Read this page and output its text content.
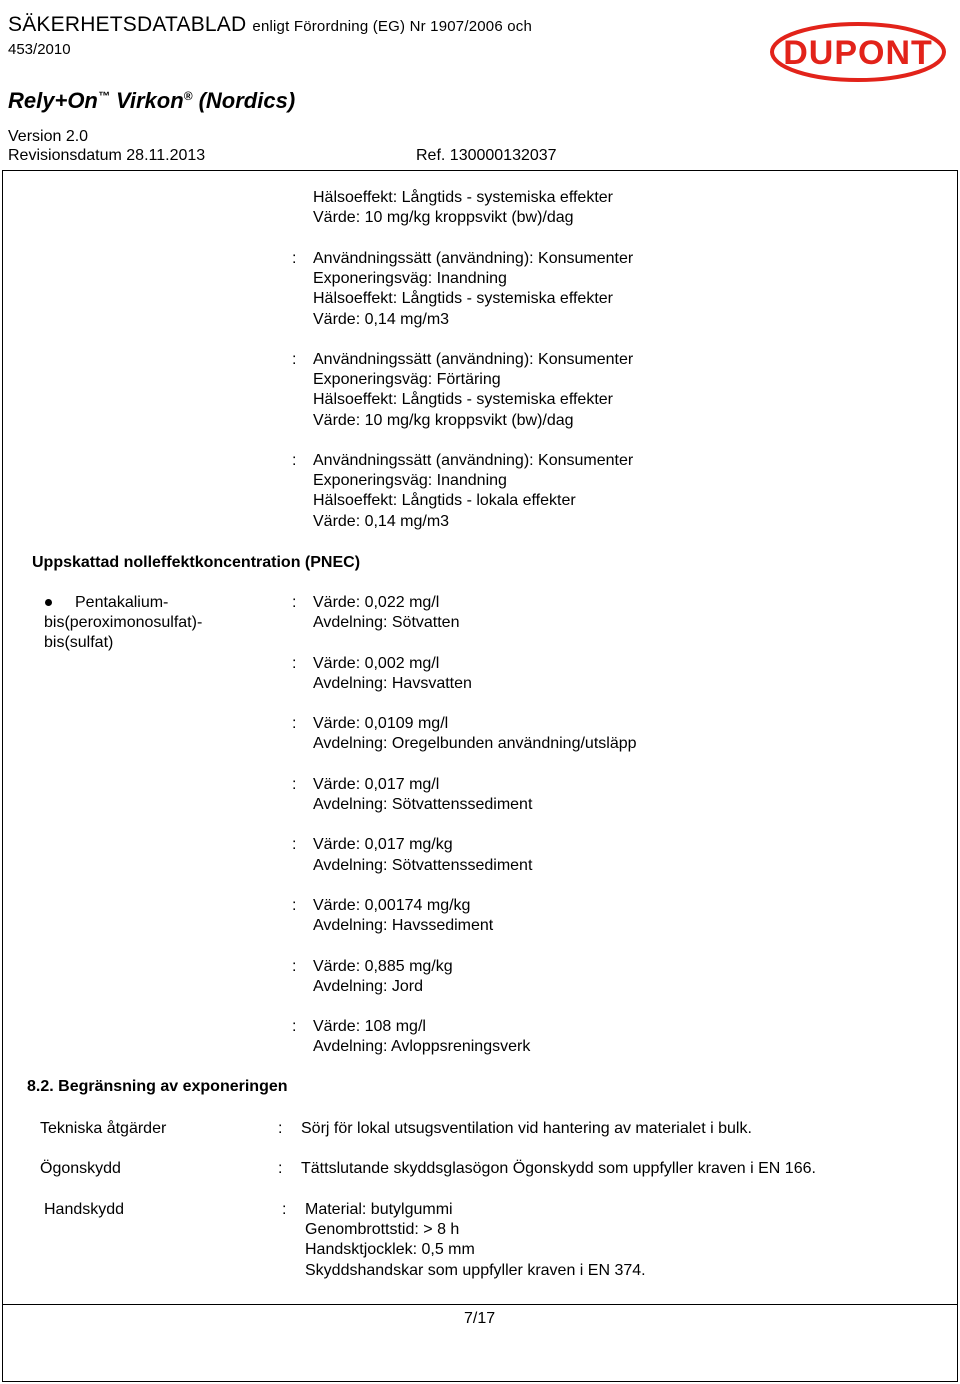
SÄKERHETSDATABLAD enligt Förordning (EG) Nr 1907/2006 och
453/2010
Rely+On™ Virkon® (Nordics)
Version 2.0
Revisionsdatum 28.11.2013	Ref. 130000132037
DUPONT
Hälsoeffekt: Långtids - systemiska effekter
Värde: 10 mg/kg kroppsvikt (bw)/dag
: Användningssätt (användning): Konsumenter
Exponeringsväg: Inandning
Hälsoeffekt: Långtids - systemiska effekter
Värde: 0,14 mg/m3
: Användningssätt (användning): Konsumenter
Exponeringsväg: Förtäring
Hälsoeffekt: Långtids - systemiska effekter
Värde: 10 mg/kg kroppsvikt (bw)/dag
: Användningssätt (användning): Konsumenter
Exponeringsväg: Inandning
Hälsoeffekt: Långtids - lokala effekter
Värde: 0,14 mg/m3
Uppskattad nolleffektkoncentration (PNEC)
Pentakalium-
bis(peroximonosulfat)-
bis(sulfat)
: Värde: 0,022 mg/l
Avdelning: Sötvatten
: Värde: 0,002 mg/l
Avdelning: Havsvatten
: Värde: 0,0109 mg/l
Avdelning: Oregelbunden användning/utsläpp
: Värde: 0,017 mg/l
Avdelning: Sötvattenssediment
: Värde: 0,017 mg/kg
Avdelning: Sötvattenssediment
: Värde: 0,00174 mg/kg
Avdelning: Havssediment
: Värde: 0,885 mg/kg
Avdelning: Jord
: Värde: 108 mg/l
Avdelning: Avloppsreningsverk
8.2. Begränsning av exponeringen
Tekniska åtgärder	: Sörj för lokal utsugsventilation vid hantering av materialet i bulk.
Ögonskydd	: Tättslutande skyddsglasögon Ögonskydd som uppfyller kraven i EN 166.
Handskydd	: Material: butylgummi
Genombrottstid: > 8 h
Handsktjocklek: 0,5 mm
Skyddshandskar som uppfyller kraven i EN 374.
7/17
